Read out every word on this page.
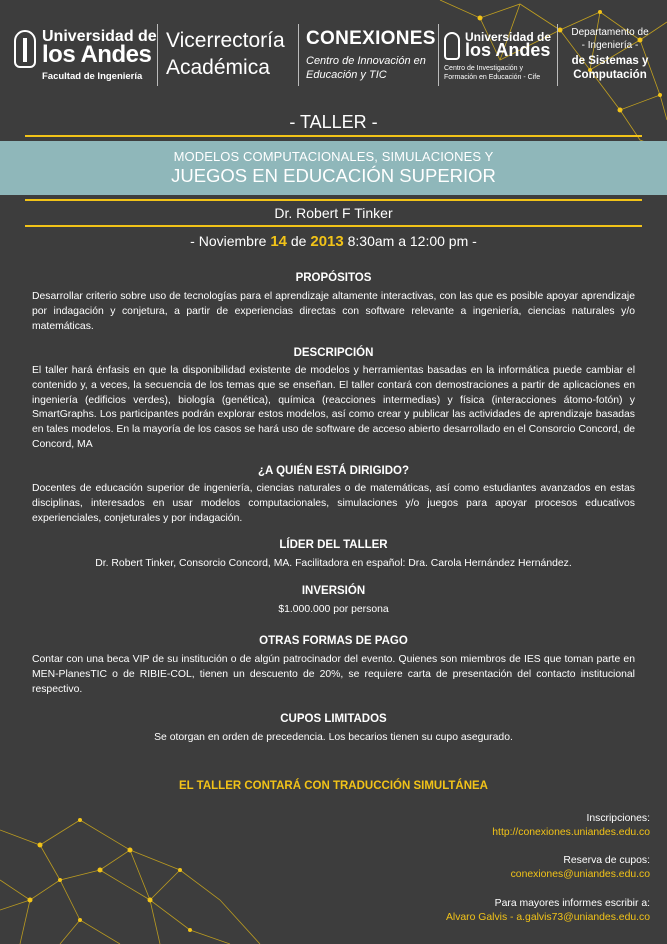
Universidad de
los Andes
Facultad de Ingeniería
Vicerrectoría
Académica
CONEXIONES
Centro de Innovación en
Educación y TIC
Universidad de
los Andes
Centro de Investigación y
Formación en Educación - Cife
Departamento de
- Ingeniería -
de Sistemas y
Computación
- TALLER -
MODELOS COMPUTACIONALES, SIMULACIONES Y
JUEGOS EN EDUCACIÓN SUPERIOR
Dr. Robert F Tinker
- Noviembre 14 de 2013 8:30am a 12:00 pm -
PROPÓSITOS
Desarrollar criterio sobre uso de tecnologías para el aprendizaje altamente interactivas, con las que es posible apoyar aprendizaje por indagación y conjetura, a partir de experiencias directas con software relevante a ingeniería, ciencias naturales y/o matemáticas.
DESCRIPCIÓN
El taller hará énfasis en que la disponibilidad existente de modelos y herramientas basadas en la informática puede cambiar el contenido y, a veces, la secuencia de los temas que se enseñan. El taller contará con demostraciones a partir de aplicaciones en ingeniería (edificios verdes), biología (genética), química (reacciones intermedias) y física (interacciones átomo-fotón) y SmartGraphs. Los participantes podrán explorar estos modelos, así como crear y publicar las actividades de aprendizaje basadas en tales modelos. En la mayoría de los casos se hará uso de software de acceso abierto desarrollado en el Consorcio Concord, de Concord, MA
¿A QUIÉN ESTÁ DIRIGIDO?
Docentes de educación superior de ingeniería, ciencias naturales o de matemáticas, así como estudiantes avanzados en estas disciplinas, interesados en usar modelos computacionales, simulaciones y/o juegos para apoyar procesos educativos experienciales, conjeturales y por indagación.
LÍDER DEL TALLER
Dr. Robert Tinker, Consorcio Concord, MA. Facilitadora en español: Dra. Carola Hernández Hernández.
INVERSIÓN
$1.000.000 por persona
OTRAS FORMAS DE PAGO
Contar con una beca VIP de su institución o de algún patrocinador del evento. Quienes son miembros de IES que toman parte en MEN-PlanesTIC o de RIBIE-COL, tienen un descuento de 20%, se requiere carta de presentación del contacto institucional respectivo.
CUPOS LIMITADOS
Se otorgan en orden de precedencia. Los becarios tienen su cupo asegurado.
EL TALLER CONTARÁ CON TRADUCCIÓN SIMULTÁNEA
Inscripciones:
http://conexiones.uniandes.edu.co
Reserva de cupos:
conexiones@uniandes.edu.co
Para mayores informes escribir a:
Alvaro Galvis - a.galvis73@uniandes.edu.co
